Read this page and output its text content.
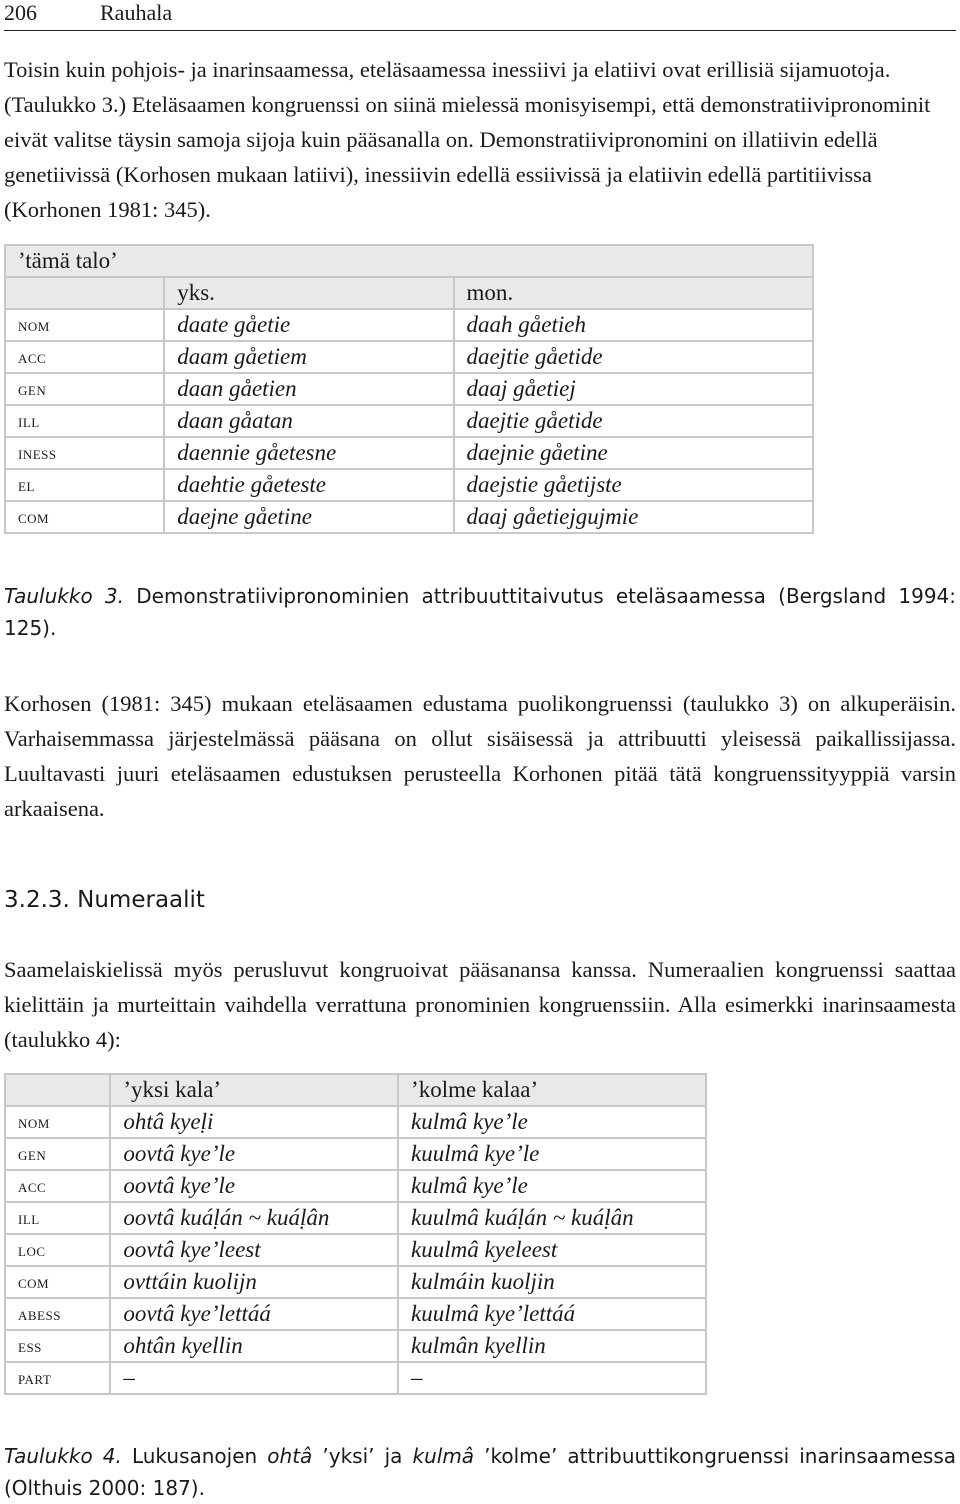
206	Rauhala
Toisin kuin pohjois- ja inarinsaamessa, eteläsaamessa inessiivi ja elatiivi ovat erillisiä sijamuotoja. (Taulukko 3.) Eteläsaamen kongruenssi on siinä mielessä monisyisempi, että demonstratiivipronominit eivät valitse täysin samoja sijoja kuin pääsanalla on. Demonstratiivipronomini on illatiivin edellä genetiivissä (Korhosen mukaan latiivi), inessiivin edellä essiivissä ja elatiivin edellä partitiivissa (Korhonen 1981: 345).
’tämä talo’		
	yks.	mon.
nom	daate gåetie	daah gåetieh
acc	daam gåetiem	daejtie gåetide
gen	daan gåetien	daaj gåetiej
ill	daan gåatan	daejtie gåetide
iness	daennie gåetesne	daejnie gåetine
el	daehtie gåeteste	daejstie gåetijste
com	daejne gåetine	daaj gåetiejgujmie
Taulukko 3. Demonstratiivipronominien attribuuttitaivutus eteläsaamessa (Bergsland 1994: 125).
Korhosen (1981: 345) mukaan eteläsaamen edustama puolikongruenssi (taulukko 3) on alkuperäisin. Varhaisemmassa järjestelmässä pääsana on ollut sisäisessä ja attribuutti yleisessä paikallissijassa. Luultavasti juuri eteläsaamen edustuksen perusteella Korhonen pitää tätä kongruenssityyppiä varsin arkaaisena.
3.2.3. Numeraalit
Saamelaiskielissä myös perusluvut kongruoivat pääsanansa kanssa. Numeraalien kongruenssi saattaa kielittäin ja murteittain vaihdella verrattuna pronominien kongruenssiin. Alla esimerkki inarinsaamesta (taulukko 4):
	’yksi kala’	’kolme kalaa’
nom	ohtâ kyeḷi	kulmâ kye’le
gen	oovtâ kye’le	kuulmâ kye’le
acc	oovtâ kye’le	kulmâ kye’le
ill	oovtâ kuáḷán ~ kuáḷân	kuulmâ kuáḷán ~ kuáḷân
loc	oovtâ kye’leest	kuulmâ kyeleest
com	ovttáin kuolijn	kulmáin kuoljin
abess	oovtâ kye’lettáá	kuulmâ kye’lettáá
ess	ohtân kyellin	kulmân kyellin
part	–	–
Taulukko 4. Lukusanojen ohtâ ’yksi’ ja kulmâ ’kolme’ attribuuttikongruenssi inarinsaamessa (Olthuis 2000: 187).
